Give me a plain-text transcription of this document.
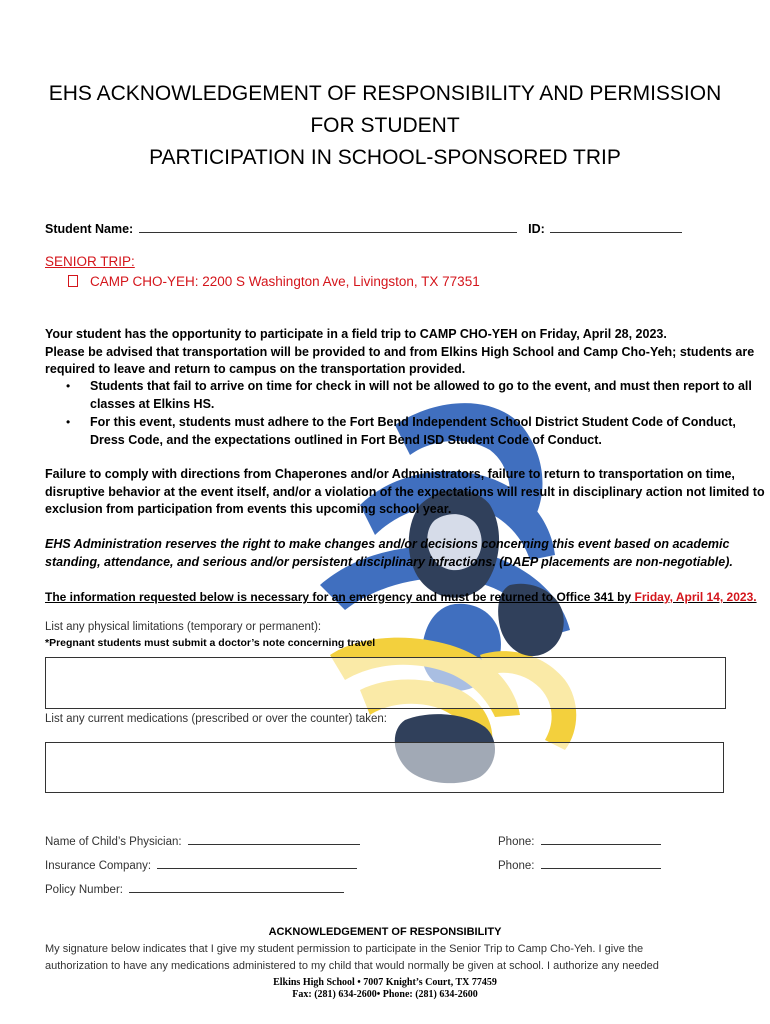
EHS ACKNOWLEDGEMENT OF RESPONSIBILITY AND PERMISSION
FOR STUDENT
PARTICIPATION IN SCHOOL-SPONSORED TRIP
Student Name:	ID:
SENIOR TRIP:
CAMP CHO-YEH: 2200 S Washington Ave, Livingston, TX 77351
Your student has the opportunity to participate in a field trip to CAMP CHO-YEH on Friday, April 28, 2023.
Please be advised that transportation will be provided to and from Elkins High School and Camp Cho-Yeh; students are
required to leave and return to campus on the transportation provided.
• Students that fail to arrive on time for check in will not be allowed to go to the event, and must then report to all
classes at Elkins HS.
• For this event, students must adhere to the Fort Bend Independent School District Student Code of Conduct,
Dress Code, and the expectations outlined in Fort Bend ISD Student Code of Conduct.
Failure to comply with directions from Chaperones and/or Administrators, failure to return to transportation on time,
disruptive behavior at the event itself, and/or a violation of the expectations will result in disciplinary action not limited to
exclusion from participation from events this upcoming school year.
EHS Administration reserves the right to make changes and/or decisions concerning this event based on academic
standing, attendance, and serious and/or persistent disciplinary infractions. (DAEP placements are non-negotiable).
The information requested below is necessary for an emergency and must be returned to Office 341 by Friday, April 14, 2023.
List any physical limitations (temporary or permanent):
*Pregnant students must submit a doctor’s note concerning travel
List any current medications (prescribed or over the counter) taken:
Name of Child’s Physician:	Phone:
Insurance Company:	Phone:
Policy Number:
ACKNOWLEDGEMENT OF RESPONSIBILITY
My signature below indicates that I give my student permission to participate in the Senior Trip to Camp Cho-Yeh. I give the
authorization to have any medications administered to my child that would normally be given at school. I authorize any needed
Elkins High School • 7007 Knight’s Court, TX 77459
Fax: (281) 634-2600• Phone: (281) 634-2600
